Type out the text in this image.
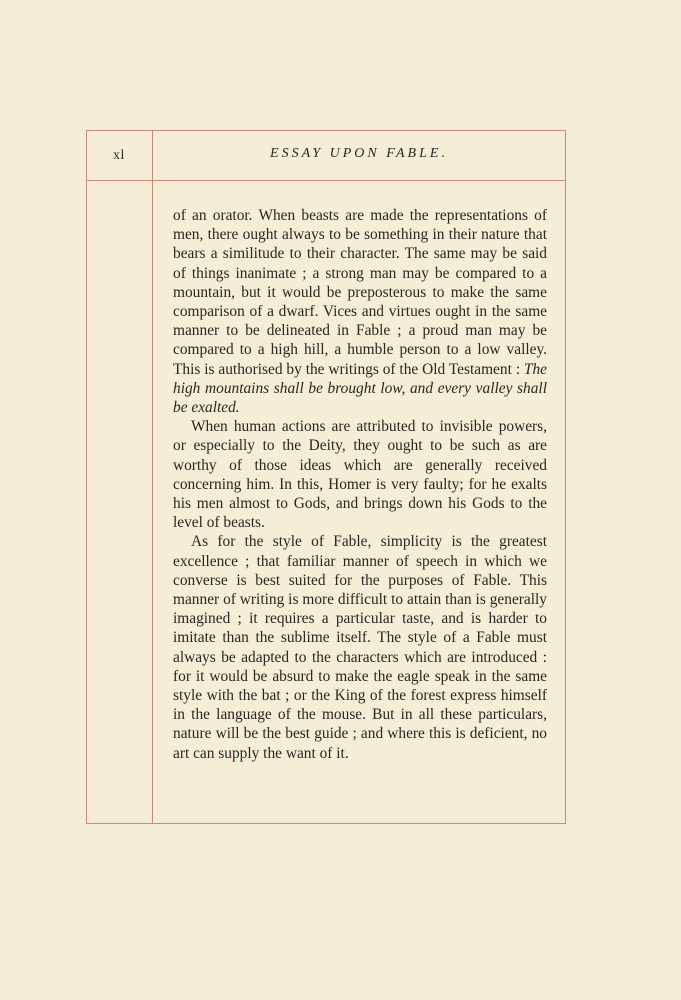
xl	ESSAY UPON FABLE.

of an orator. When beasts are made the representations of men, there ought always to be something in their nature that bears a similitude to their character. The same may be said of things inanimate ; a strong man may be compared to a mountain, but it would be preposterous to make the same comparison of a dwarf. Vices and virtues ought in the same manner to be delineated in Fable ; a proud man may be compared to a high hill, a humble person to a low valley. This is authorised by the writings of the Old Testament : The high mountains shall be brought low, and every valley shall be exalted.

When human actions are attributed to invisible powers, or especially to the Deity, they ought to be such as are worthy of those ideas which are generally received concerning him. In this, Homer is very faulty; for he exalts his men almost to Gods, and brings down his Gods to the level of beasts.

As for the style of Fable, simplicity is the greatest excellence ; that familiar manner of speech in which we converse is best suited for the purposes of Fable. This manner of writing is more difficult to attain than is generally imagined ; it requires a particular taste, and is harder to imitate than the sublime itself. The style of a Fable must always be adapted to the characters which are introduced : for it would be absurd to make the eagle speak in the same style with the bat ; or the King of the forest express himself in the language of the mouse. But in all these particulars, nature will be the best guide ; and where this is deficient, no art can supply the want of it.
